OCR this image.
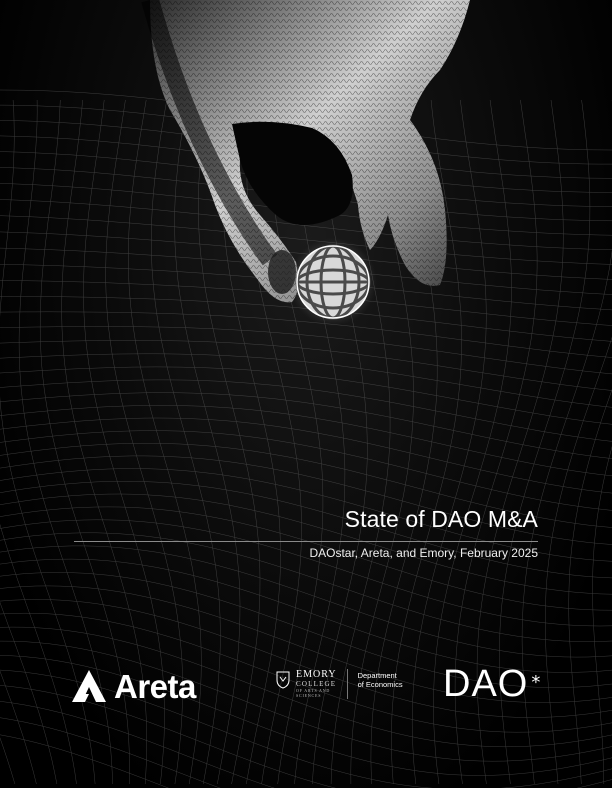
State of DAO M&A
DAOstar, Areta, and Emory, February 2025
Areta	EMORY
COLLEGE
OF ARTS AND
SCIENCES
Department
of Economics DAO *
